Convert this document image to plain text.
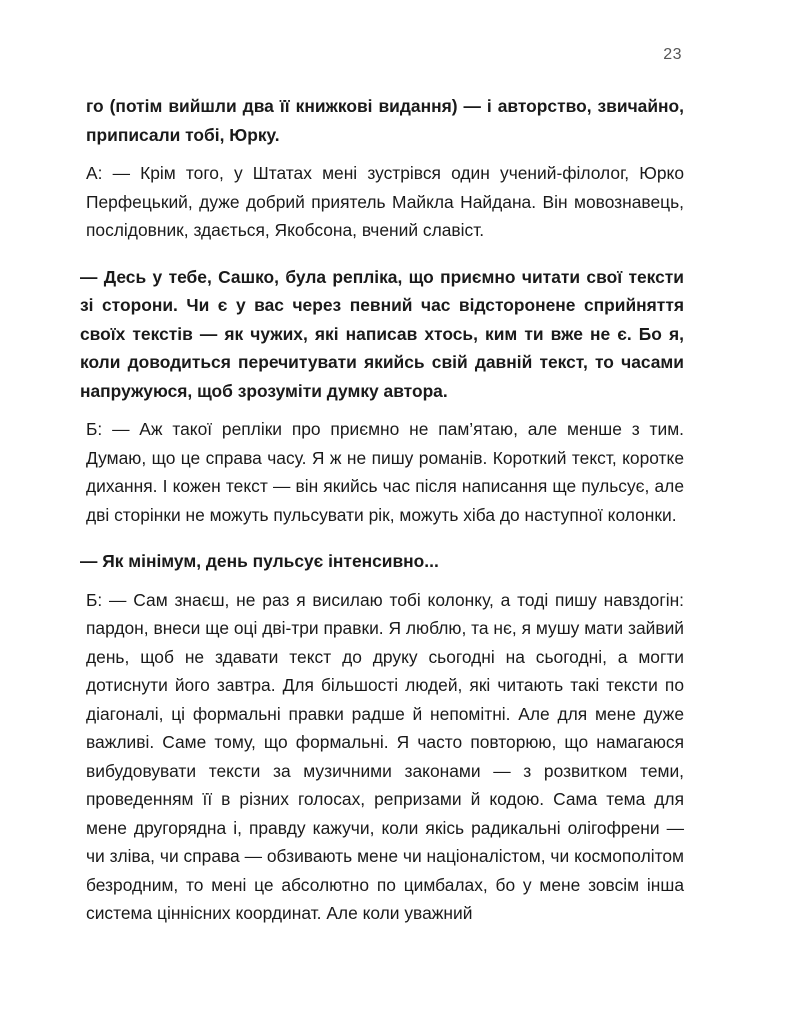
23

го (потім вийшли два її книжкові видання) — і авторство, звичайно, приписали тобі, Юрку.

А: — Крім того, у Штатах мені зустрівся один учений-філолог, Юрко Перфецький, дуже добрий приятель Майкла Найдана. Він мовознавець, послідовник, здається, Якобсона, вчений славіст.

— Десь у тебе, Сашко, була репліка, що приємно читати свої тексти зі сторони. Чи є у вас через певний час відсторонене сприйняття своїх текстів — як чужих, які написав хтось, ким ти вже не є. Бо я, коли доводиться перечитувати якийсь свій давній текст, то часами напружуюся, щоб зрозуміти думку автора.

Б: — Аж такої репліки про приємно не пам’ятаю, але менше з тим. Думаю, що це справа часу. Я ж не пишу романів. Короткий текст, коротке дихання. І кожен текст — він якийсь час після написання ще пульсує, але дві сторінки не можуть пульсувати рік, можуть хіба до наступної колонки.

— Як мінімум, день пульсує інтенсивно...

Б: — Сам знаєш, не раз я висилаю тобі колонку, а тоді пишу навздогін: пардон, внеси ще оці дві-три правки. Я люблю, та нє, я мушу мати зайвий день, щоб не здавати текст до друку сьогодні на сьогодні, а могти дотиснути його завтра. Для більшості людей, які читають такі тексти по діагоналі, ці формальні правки радше й непомітні. Але для мене дуже важливі. Саме тому, що формальні. Я часто повторюю, що намагаюся вибудовувати тексти за музичними законами — з розвитком теми, проведенням її в різних голосах, репризами й кодою. Сама тема для мене другорядна і, правду кажучи, коли якісь радикальні олігофрени — чи зліва, чи справа — обзивають мене чи націоналістом, чи космополітом безродним, то мені це абсолютно по цимбалах, бо у мене зовсім інша система ціннісних координат. Але коли уважний
